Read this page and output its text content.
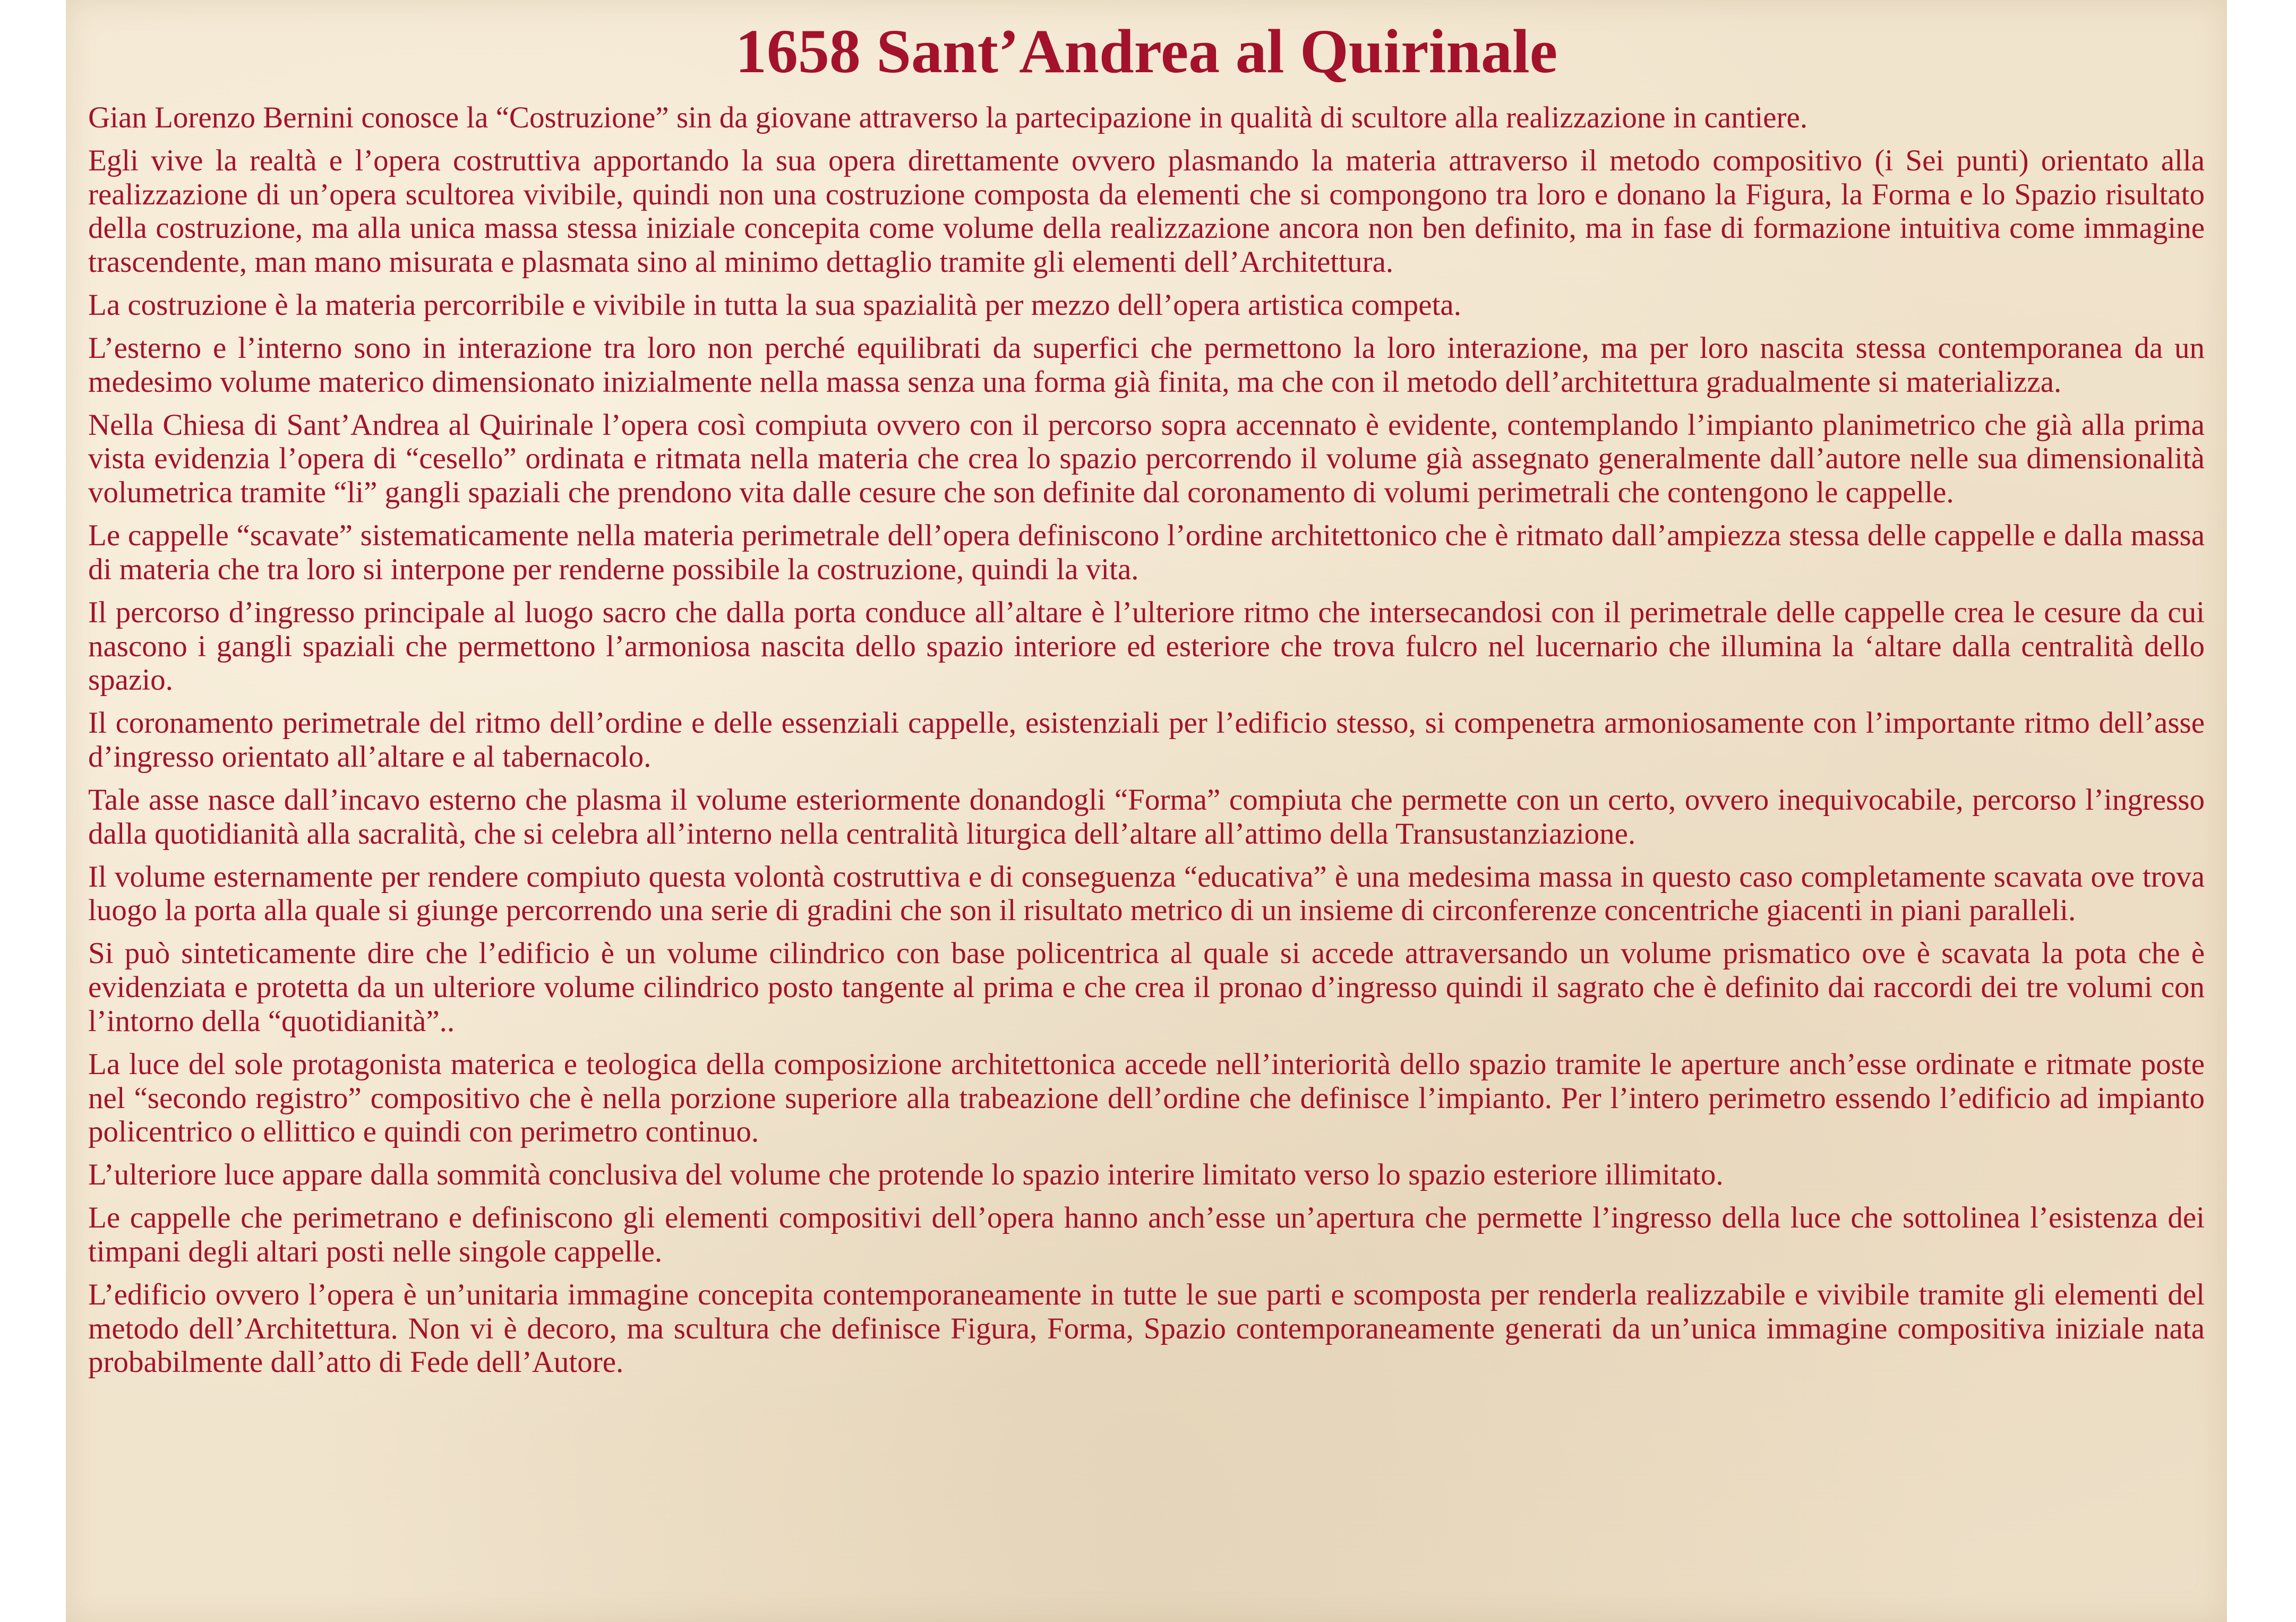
1658 Sant’Andrea al Quirinale

Gian Lorenzo Bernini conosce la “Costruzione” sin da giovane attraverso la partecipazione in qualità di scultore alla realizzazione in cantiere.

Egli vive la realtà e l’opera costruttiva apportando la sua opera direttamente ovvero plasmando la materia attraverso il metodo compositivo (i Sei punti) orientato alla realizzazione di un’opera scultorea vivibile, quindi non una costruzione composta da elementi che si compongono tra loro e donano la Figura, la Forma e lo Spazio risultato della costruzione, ma alla unica massa stessa iniziale concepita come volume della realizzazione ancora non ben definito, ma in fase di formazione intuitiva come immagine trascendente, man mano misurata e plasmata sino al minimo dettaglio tramite gli elementi dell’Architettura.

La costruzione è la materia percorribile e vivibile in tutta la sua spazialità per mezzo dell’opera artistica competa.

L’esterno e l’interno sono in interazione tra loro non perché equilibrati da superfici che permettono la loro interazione, ma per loro nascita stessa contemporanea da un medesimo volume materico dimensionato inizialmente nella massa senza una forma già finita, ma che con il metodo dell’architettura gradualmente si materializza.

Nella Chiesa di Sant’Andrea al Quirinale l’opera così compiuta ovvero con il percorso sopra accennato è evidente, contemplando l’impianto planimetrico che già alla prima vista evidenzia l’opera di “cesello” ordinata e ritmata nella materia che crea lo spazio percorrendo il volume già assegnato generalmente dall’autore nelle sua dimensionalità volumetrica tramite “li” gangli spaziali che prendono vita dalle cesure che son definite dal coronamento di volumi perimetrali che contengono le cappelle.

Le cappelle “scavate” sistematicamente nella materia perimetrale dell’opera definiscono l’ordine architettonico che è ritmato dall’ampiezza stessa delle cappelle e dalla massa di materia che tra loro si interpone per renderne possibile la costruzione, quindi la vita.

Il percorso d’ingresso principale al luogo sacro che dalla porta conduce all’altare è l’ulteriore ritmo che intersecandosi con il perimetrale delle cappelle crea le cesure da cui nascono i gangli spaziali che permettono l’armoniosa nascita dello spazio interiore ed esteriore che trova fulcro nel lucernario che illumina la ‘altare dalla centralità dello spazio.

Il coronamento perimetrale del ritmo dell’ordine e delle essenziali cappelle, esistenziali per l’edificio stesso, si compenetra armoniosamente con l’importante ritmo dell’asse d’ingresso orientato all’altare e al tabernacolo.

Tale asse nasce dall’incavo esterno che plasma il volume esteriormente donandogli “Forma” compiuta che permette con un certo, ovvero inequivocabile, percorso l’ingresso dalla quotidianità alla sacralità, che si celebra all’interno nella centralità liturgica dell’altare all’attimo della Transustanziazione.

Il volume esternamente per rendere compiuto questa volontà costruttiva e di conseguenza “educativa” è una medesima massa in questo caso completamente scavata ove trova luogo la porta alla quale si giunge percorrendo una serie di gradini che son il risultato metrico di un insieme di circonferenze concentriche giacenti in piani paralleli.

Si può sinteticamente dire che l’edificio è un volume cilindrico con base policentrica al quale si accede attraversando un volume prismatico ove è scavata la pota che è evidenziata e protetta da un ulteriore volume cilindrico posto tangente al prima e che crea il pronao d’ingresso quindi il sagrato che è definito dai raccordi dei tre volumi con l’intorno della “quotidianità”..

La luce del sole protagonista materica e teologica della composizione architettonica accede nell’interiorità dello spazio tramite le aperture anch’esse ordinate e ritmate poste nel “secondo registro” compositivo che è nella porzione superiore alla trabeazione dell’ordine che definisce l’impianto. Per l’intero perimetro essendo l’edificio ad impianto policentrico o ellittico e quindi con perimetro continuo.

L’ulteriore luce appare dalla sommità conclusiva del volume che protende lo spazio interire limitato verso lo spazio esteriore illimitato.

Le cappelle che perimetrano e definiscono gli elementi compositivi dell’opera hanno anch’esse un’apertura che permette l’ingresso della luce che sottolinea l’esistenza dei timpani degli altari posti nelle singole cappelle.

L’edificio ovvero l’opera è un’unitaria immagine concepita contemporaneamente in tutte le sue parti e scomposta per renderla realizzabile e vivibile tramite gli elementi del metodo dell’Architettura. Non vi è decoro, ma scultura che definisce Figura, Forma, Spazio contemporaneamente generati da un’unica immagine compositiva iniziale nata probabilmente dall’atto di Fede dell’Autore.
